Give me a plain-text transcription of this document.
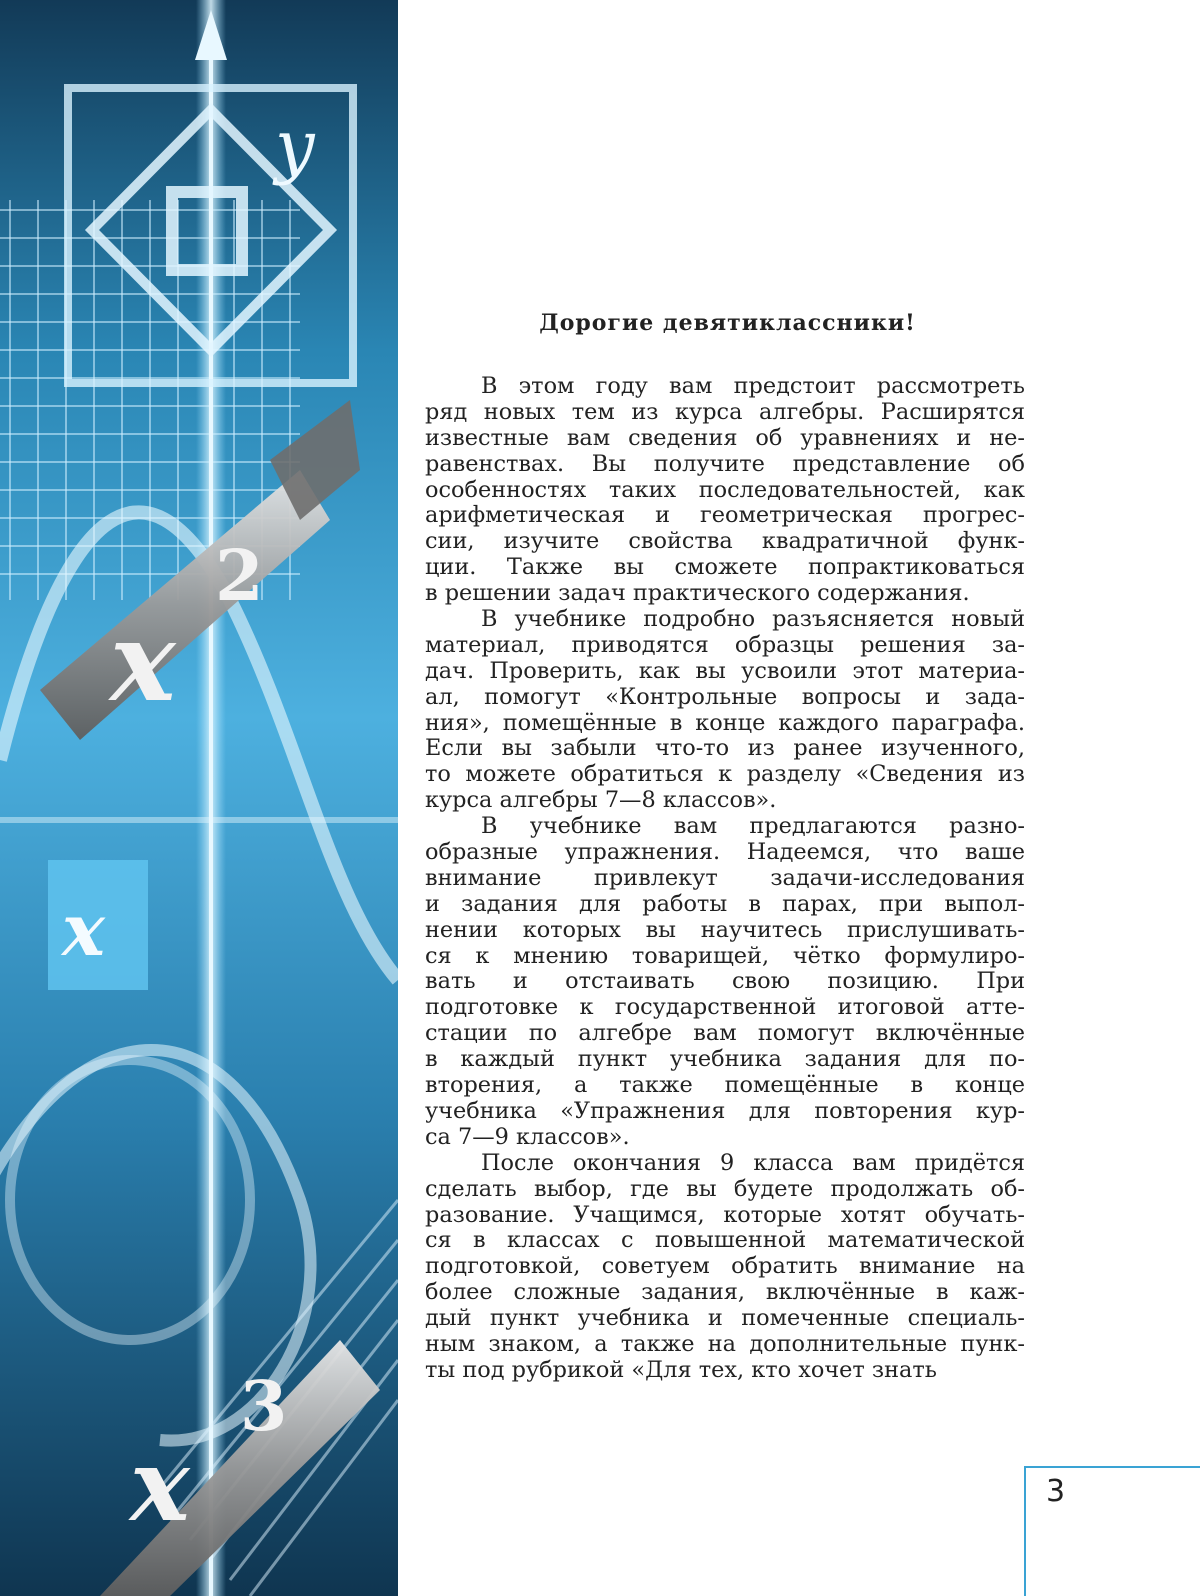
y
x
2
x
x
3
Дорогие девятиклассники!
В этом году вам предстоит рассмотреть
ряд новых тем из курса алгебры. Расширятся
известные вам сведения об уравнениях и не-
равенствах. Вы получите представление об
особенностях таких последовательностей, как
арифметическая и геометрическая прогрес-
сии, изучите свойства квадратичной функ-
ции. Также вы сможете попрактиковаться
в решении задач практического содержания.
В учебнике подробно разъясняется новый
материал, приводятся образцы решения за-
дач. Проверить, как вы усвоили этот материа-
ал, помогут «Контрольные вопросы и зада-
ния», помещённые в конце каждого параграфа.
Если вы забыли что-то из ранее изученного,
то можете обратиться к разделу «Сведения из
курса алгебры 7—8 классов».
В учебнике вам предлагаются разно-
образные упражнения. Надеемся, что ваше
внимание привлекут задачи-исследования
и задания для работы в парах, при выпол-
нении которых вы научитесь прислушивать-
ся к мнению товарищей, чётко формулиро-
вать и отстаивать свою позицию. При
подготовке к государственной итоговой атте-
стации по алгебре вам помогут включённые
в каждый пункт учебника задания для по-
вторения, а также помещённые в конце
учебника «Упражнения для повторения кур-
са 7—9 классов».
После окончания 9 класса вам придётся
сделать выбор, где вы будете продолжать об-
разование. Учащимся, которые хотят обучать-
ся в классах с повышенной математической
подготовкой, советуем обратить внимание на
более сложные задания, включённые в каж-
дый пункт учебника и помеченные специаль-
ным знаком, а также на дополнительные пунк-
ты под рубрикой «Для тех, кто хочет знать
3
